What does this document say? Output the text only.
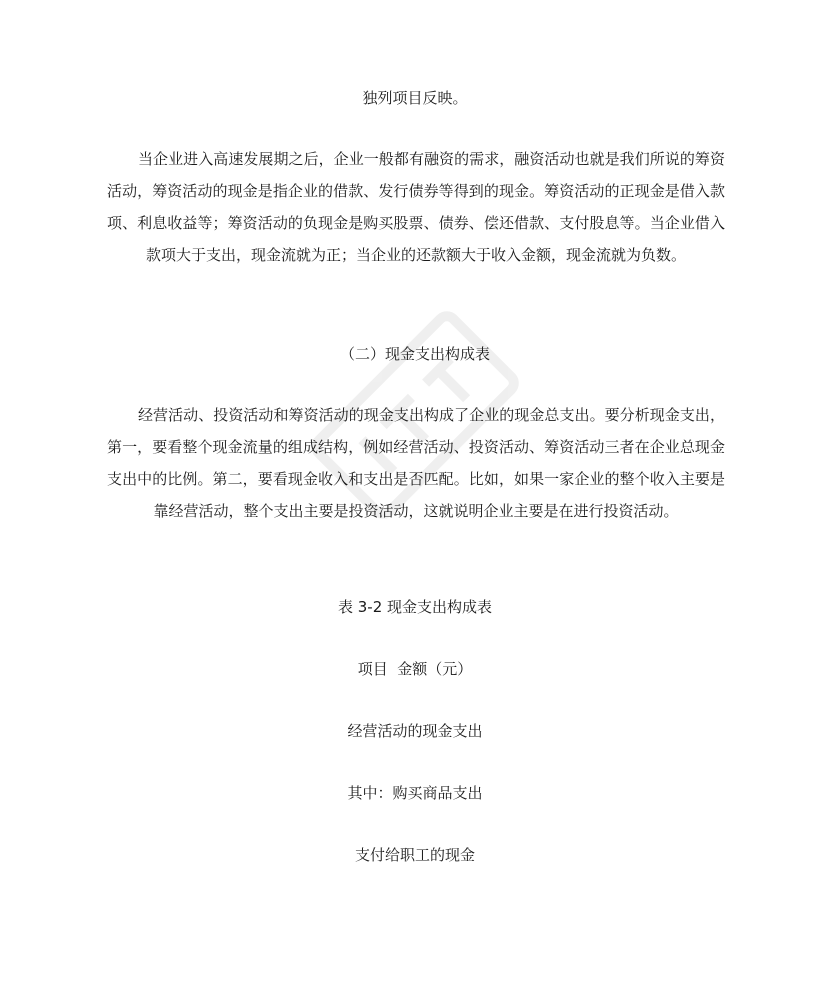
独列项目反映。
当企业进入高速发展期之后，企业一般都有融资的需求，融资活动也就是我们所说的筹资活动，筹资活动的现金是指企业的借款、发行债券等得到的现金。筹资活动的正现金是借入款项、利息收益等；筹资活动的负现金是购买股票、债券、偿还借款、支付股息等。当企业借入款项大于支出，现金流就为正；当企业的还款额大于收入金额，现金流就为负数。
（二）现金支出构成表
经营活动、投资活动和筹资活动的现金支出构成了企业的现金总支出。要分析现金支出，第一，要看整个现金流量的组成结构，例如经营活动、投资活动、筹资活动三者在企业总现金支出中的比例。第二，要看现金收入和支出是否匹配。比如，如果一家企业的整个收入主要是靠经营活动，整个支出主要是投资活动，这就说明企业主要是在进行投资活动。
表 3-2 现金支出构成表
项目  金额（元）
经营活动的现金支出
其中：购买商品支出
支付给职工的现金
